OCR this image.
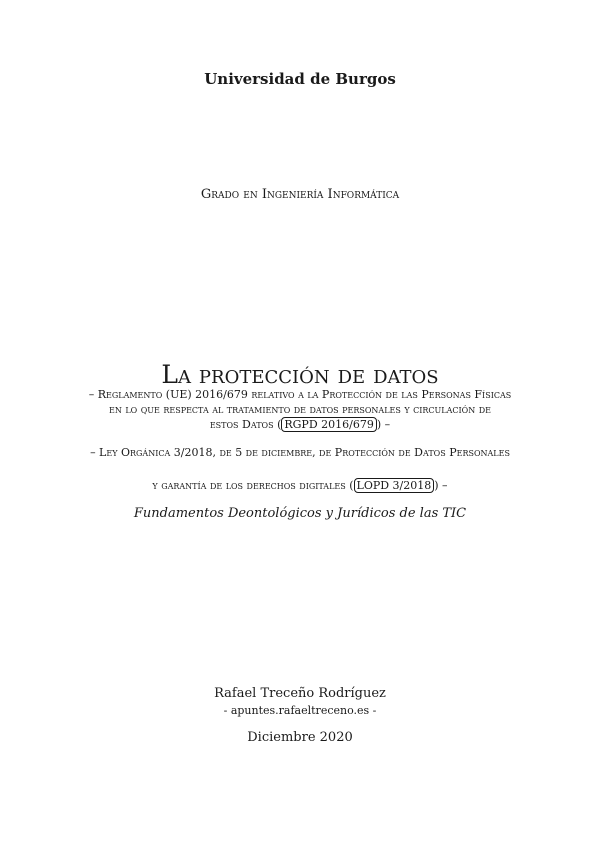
Universidad de Burgos
Grado en Ingeniería Informática
La protección de datos
– Reglamento (UE) 2016/679 relativo a la Protección de las Personas Físicas
en lo que respecta al tratamiento de datos personales y circulación de
estos Datos ( RGPD 2016/679 ) –
– Ley Orgánica 3/2018, de 5 de diciembre, de Protección de Datos Personales
y garantía de los derechos digitales ( LOPD 3/2018 ) –
Fundamentos Deontológicos y Jurídicos de las TIC
Rafael Treceño Rodríguez
- apuntes.rafaeltreceno.es -
Diciembre 2020
